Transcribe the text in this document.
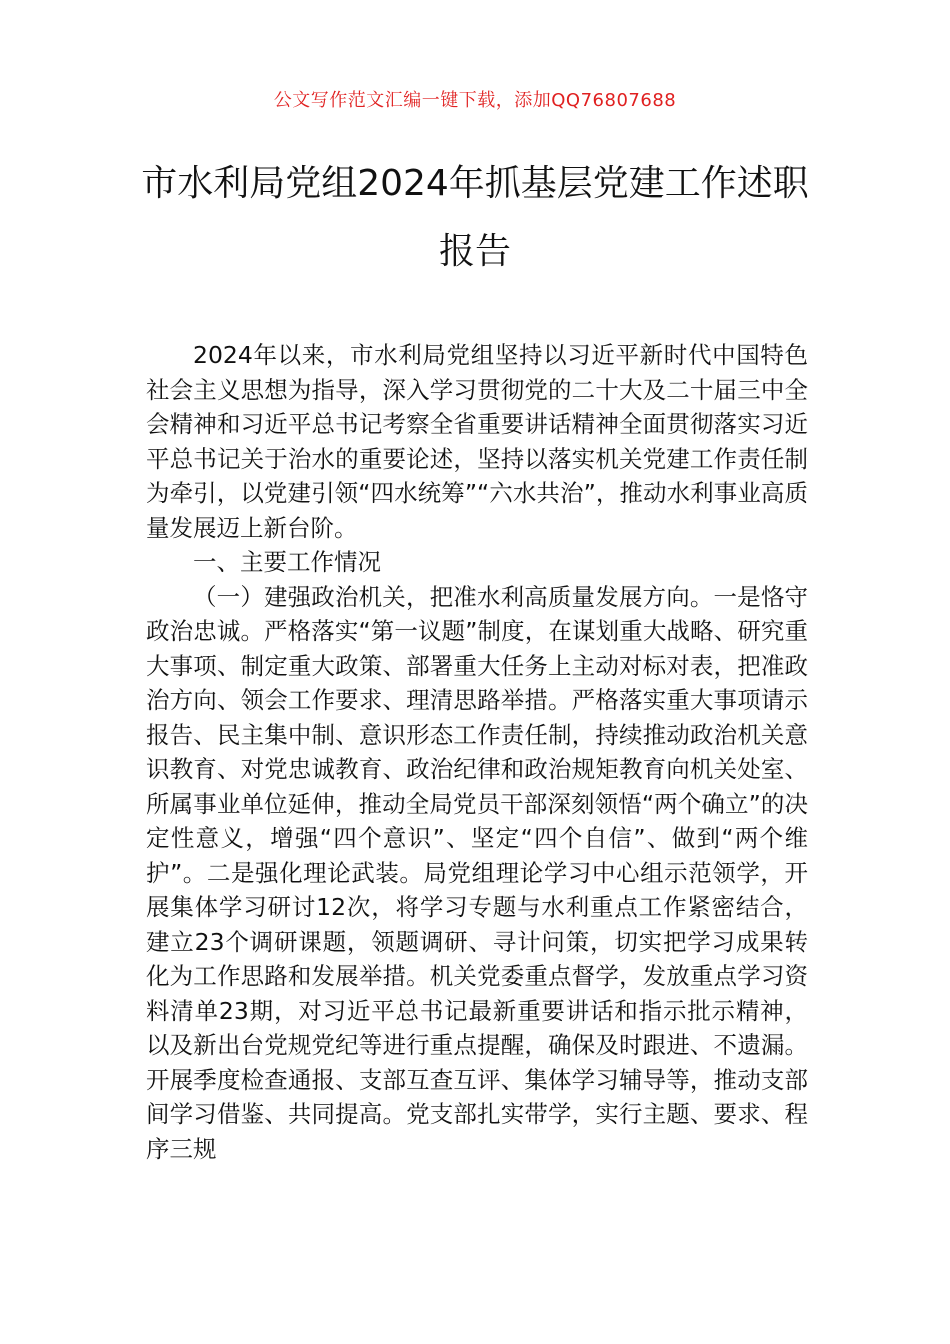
公文写作范文汇编一键下载，添加QQ76807688
市水利局党组2024年抓基层党建工作述职报告

2024年以来，市水利局党组坚持以习近平新时代中国特色社会主义思想为指导，深入学习贯彻党的二十大及二十届三中全会精神和习近平总书记考察全省重要讲话精神全面贯彻落实习近平总书记关于治水的重要论述，坚持以落实机关党建工作责任制为牵引，以党建引领“四水统筹”“六水共治”，推动水利事业高质量发展迈上新台阶。

一、主要工作情况

（一）建强政治机关，把准水利高质量发展方向。一是恪守政治忠诚。严格落实“第一议题”制度，在谋划重大战略、研究重大事项、制定重大政策、部署重大任务上主动对标对表，把准政治方向、领会工作要求、理清思路举措。严格落实重大事项请示报告、民主集中制、意识形态工作责任制，持续推动政治机关意识教育、对党忠诚教育、政治纪律和政治规矩教育向机关处室、所属事业单位延伸，推动全局党员干部深刻领悟“两个确立”的决定性意义，增强“四个意识”、坚定“四个自信”、做到“两个维护”。二是强化理论武装。局党组理论学习中心组示范领学，开展集体学习研讨12次，将学习专题与水利重点工作紧密结合，建立23个调研课题，领题调研、寻计问策，切实把学习成果转化为工作思路和发展举措。机关党委重点督学，发放重点学习资料清单23期，对习近平总书记最新重要讲话和指示批示精神，以及新出台党规党纪等进行重点提醒，确保及时跟进、不遗漏。开展季度检查通报、支部互查互评、集体学习辅导等，推动支部间学习借鉴、共同提高。党支部扎实带学，实行主题、要求、程序三规
